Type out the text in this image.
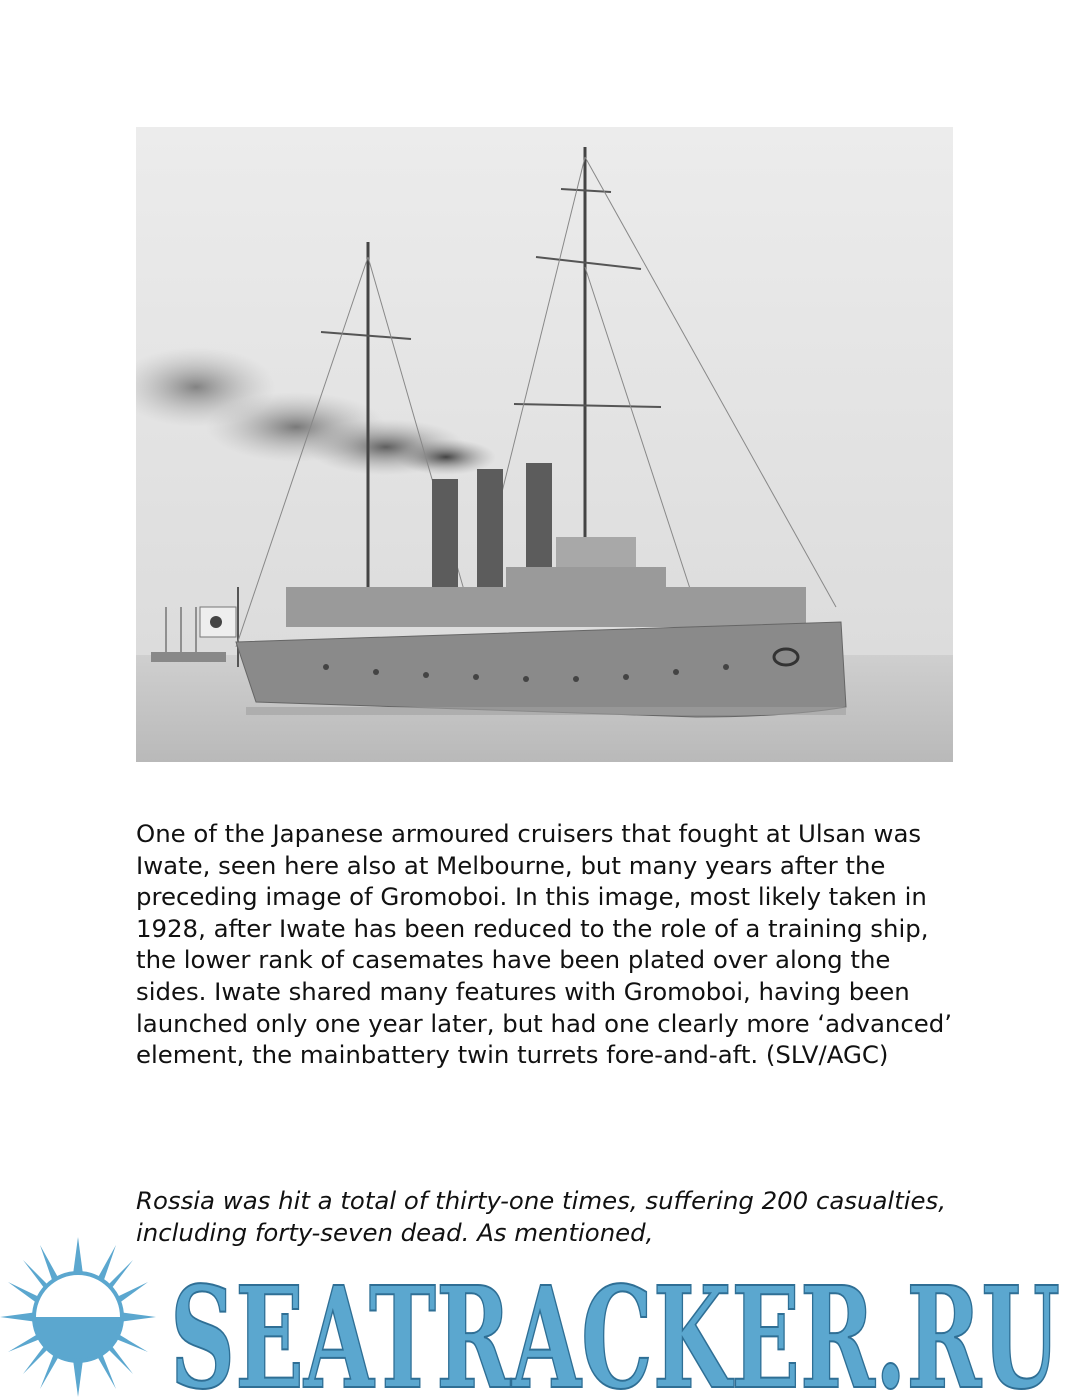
One of the Japanese armoured cruisers that fought at Ulsan was Iwate, seen here also at Melbourne, but many years after the preceding image of Gromoboi. In this image, most likely taken in 1928, after Iwate has been reduced to the role of a training ship, the lower rank of casemates have been plated over along the sides. Iwate shared many features with Gromoboi, having been launched only one year later, but had one clearly more ‘advanced’ element, the mainbattery twin turrets fore-and-aft. (SLV/AGC)

Rossia was hit a total of thirty-one times, suffering 200 casualties, including forty-seven dead. As mentioned,

SEATRACKER.RU
